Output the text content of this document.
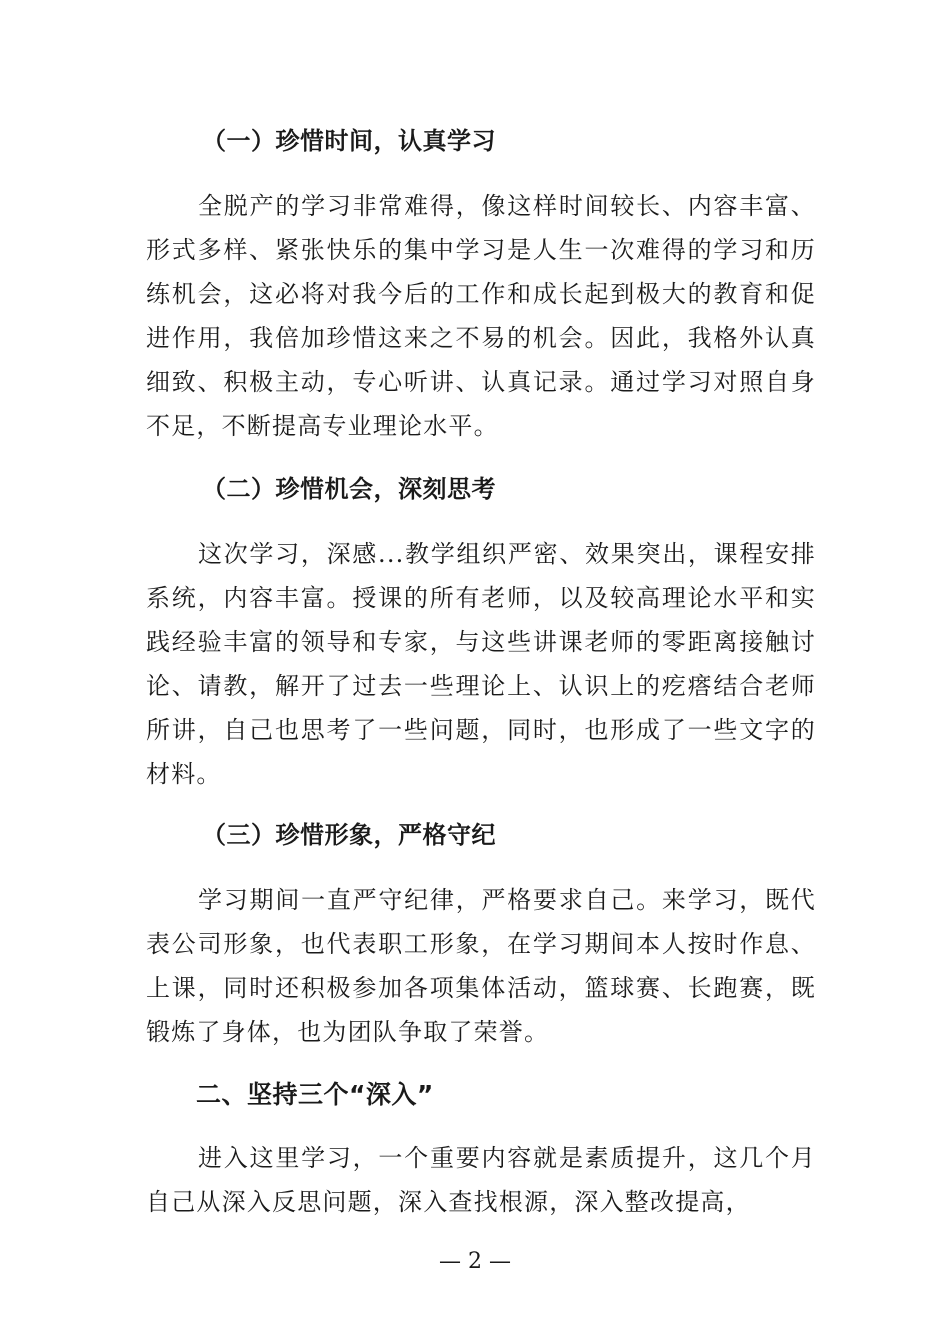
（一）珍惜时间，认真学习
全脱产的学习非常难得，像这样时间较长、内容丰富、形式多样、紧张快乐的集中学习是人生一次难得的学习和历练机会，这必将对我今后的工作和成长起到极大的教育和促进作用，我倍加珍惜这来之不易的机会。因此，我格外认真细致、积极主动，专心听讲、认真记录。通过学习对照自身不足，不断提高专业理论水平。
（二）珍惜机会，深刻思考
这次学习，深感...教学组织严密、效果突出，课程安排系统，内容丰富。授课的所有老师，以及较高理论水平和实践经验丰富的领导和专家，与这些讲课老师的零距离接触讨论、请教，解开了过去一些理论上、认识上的疙瘩结合老师所讲，自己也思考了一些问题，同时，也形成了一些文字的材料。
（三）珍惜形象，严格守纪
学习期间一直严守纪律，严格要求自己。来学习，既代表公司形象，也代表职工形象，在学习期间本人按时作息、上课，同时还积极参加各项集体活动，篮球赛、长跑赛，既锻炼了身体，也为团队争取了荣誉。
二、坚持三个“深入”
进入这里学习，一个重要内容就是素质提升，这几个月自己从深入反思问题，深入查找根源，深入整改提高，
— 2 —
